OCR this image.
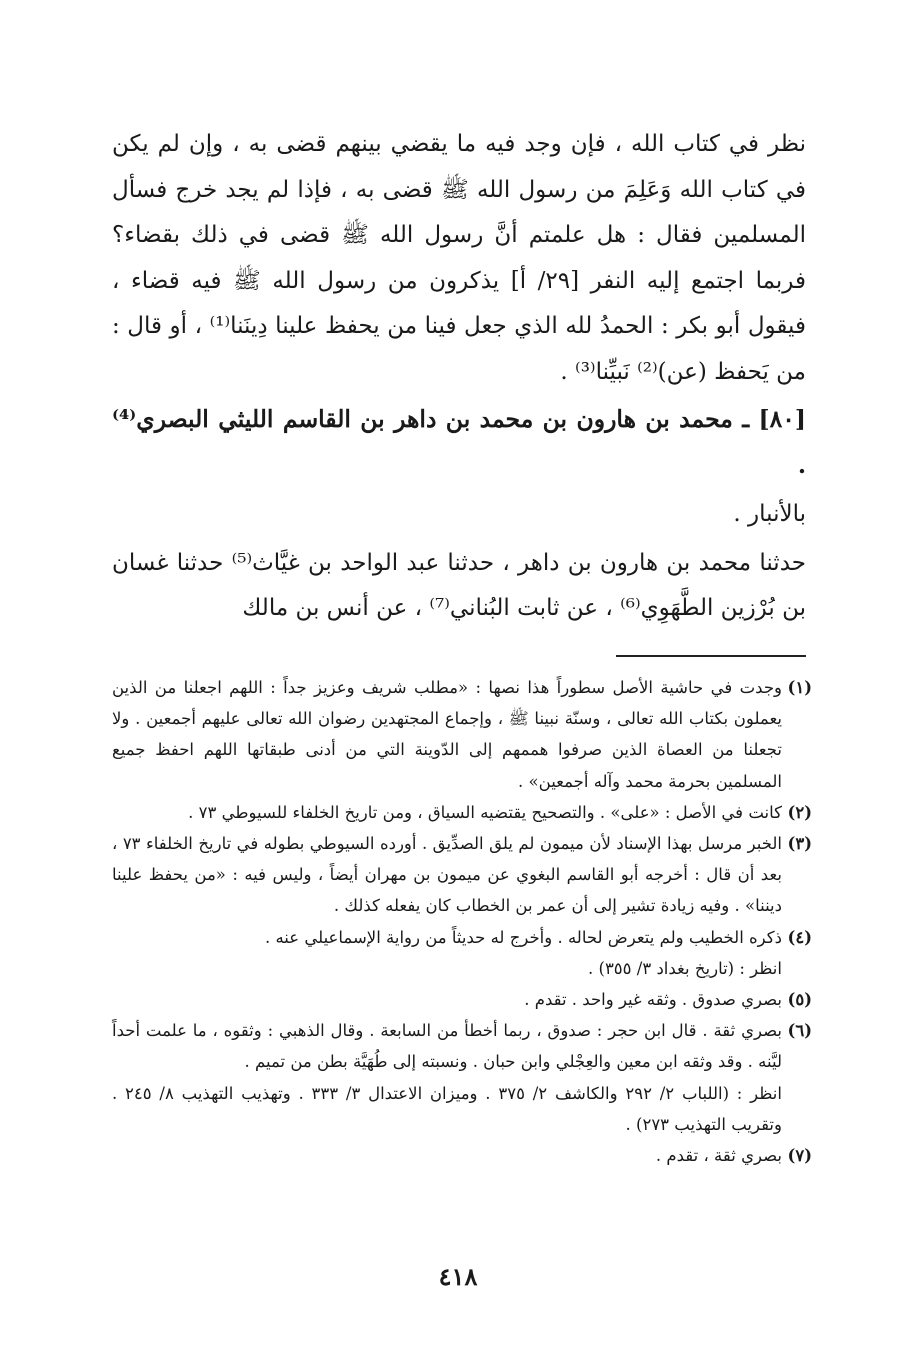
نظر في كتاب الله ، فإن وجد فيه ما يقضي بينهم قضى به ، وإن لم يكن في كتاب الله وَعَلِمَ من رسول الله ﷺ قضى به ، فإذا لم يجد خرج فسأل المسلمين فقال : هل علمتم أنَّ رسول الله ﷺ قضى في ذلك بقضاء؟ فربما اجتمع إليه النفر [٢٩/ أ] يذكرون من رسول الله ﷺ فيه قضاء ، فيقول أبو بكر : الحمدُ لله الذي جعل فينا من يحفظ علينا دِينَنا⁽¹⁾ ، أو قال : من يَحفظ (عن)⁽²⁾ نَبيِّنا⁽³⁾ .

[٨٠] ـ محمد بن هارون بن محمد بن داهر بن القاسم الليثي البصري⁽⁴⁾ .

بالأنبار .

حدثنا محمد بن هارون بن داهر ، حدثنا عبد الواحد بن غيَّاث⁽⁵⁾ حدثنا غسان بن بُرْزين الطَّهَوِي⁽⁶⁾ ، عن ثابت البُناني⁽⁷⁾ ، عن أنس بن مالك

(١)
وجدت في حاشية الأصل سطوراً هذا نصها : «مطلب شريف وعزيز جداً : اللهم اجعلنا من الذين يعملون بكتاب الله تعالى ، وسنّة نبينا ﷺ ، وإجماع المجتهدين رضوان الله تعالى عليهم أجمعين . ولا تجعلنا من العصاة الذين صرفوا هممهم إلى الدّوينة التي من أدنى طبقاتها اللهم احفظ جميع المسلمين بحرمة محمد وآله أجمعين» .
(٢)
كانت في الأصل : «على» . والتصحيح يقتضيه السياق ، ومن تاريخ الخلفاء للسيوطي ٧٣ .
(٣)
الخبر مرسل بهذا الإسناد لأن ميمون لم يلق الصدِّيق . أورده السيوطي بطوله في تاريخ الخلفاء ٧٣ ، بعد أن قال : أخرجه أبو القاسم البغوي عن ميمون بن مهران أيضاً ، وليس فيه : «من يحفظ علينا ديننا» . وفيه زيادة تشير إلى أن عمر بن الخطاب كان يفعله كذلك .
(٤)
ذكره الخطيب ولم يتعرض لحاله . وأخرج له حديثاً من رواية الإسماعيلي عنه .
انظر : (تاريخ بغداد ٣/ ٣٥٥) .
(٥)
بصري صدوق . وثقه غير واحد . تقدم .
(٦)
بصري ثقة . قال ابن حجر : صدوق ، ربما أخطأ من السابعة . وقال الذهبي : وثقوه ، ما علمت أحداً ليَّنه . وقد وثقه ابن معين والعِجْلي وابن حبان . ونسبته إلى طُهَيَّة بطن من تميم .
انظر : (اللباب ٢/ ٢٩٢ والكاشف ٢/ ٣٧٥ . وميزان الاعتدال ٣/ ٣٣٣ . وتهذيب التهذيب ٨/ ٢٤٥ . وتقريب التهذيب ٢٧٣) .
(٧)
بصري ثقة ، تقدم .
٤١٨
